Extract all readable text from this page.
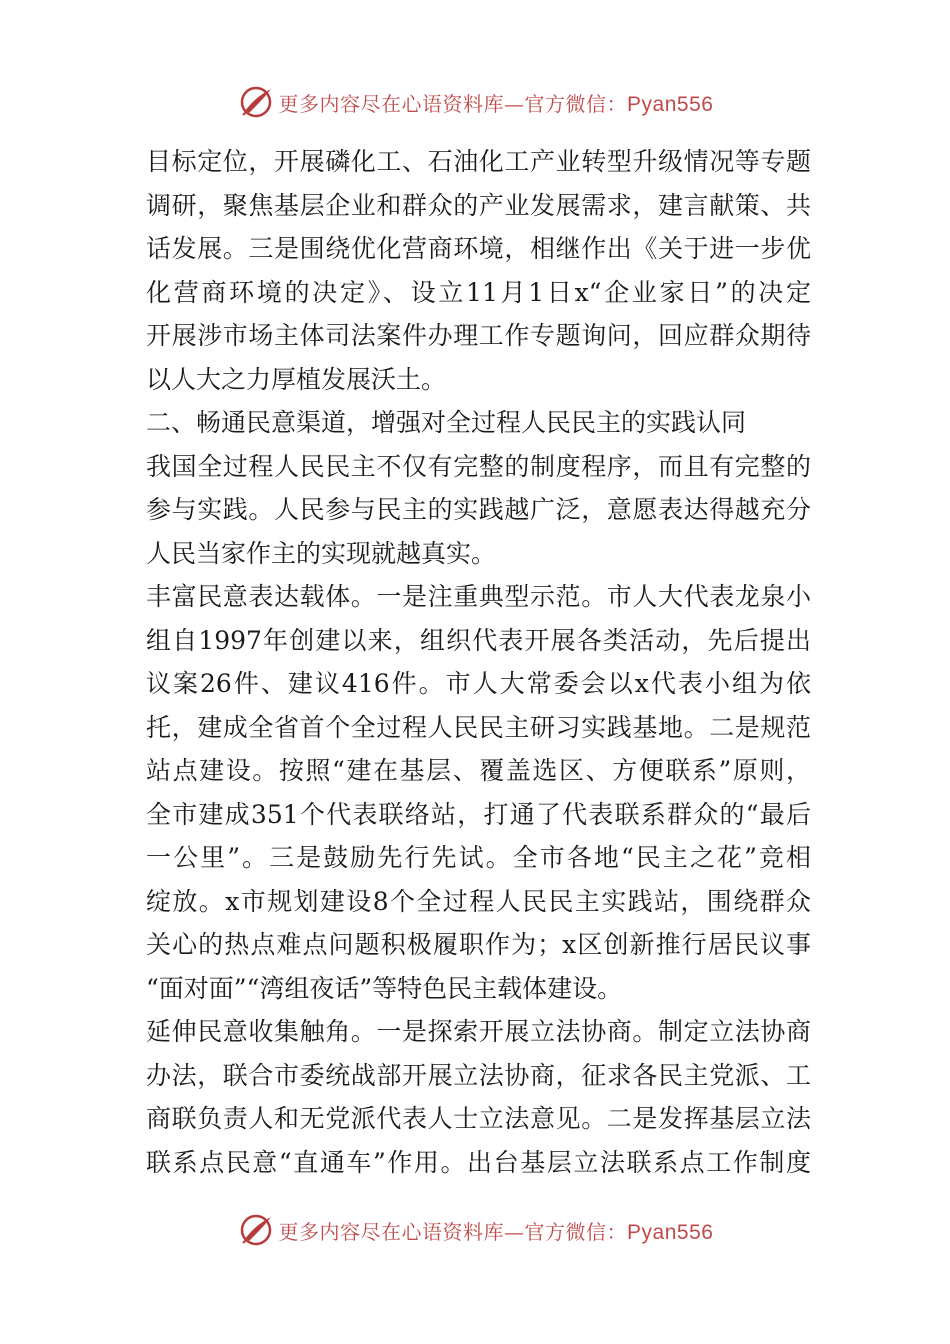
更多内容尽在心语资料库—官方微信：Pyan556
目标定位，开展磷化工、石油化工产业转型升级情况等专题
调研，聚焦基层企业和群众的产业发展需求，建言献策、共
话发展。三是围绕优化营商环境，相继作出《关于进一步优
化营商环境的决定》、设立11月1日x“企业家日”的决定
开展涉市场主体司法案件办理工作专题询问，回应群众期待
以人大之力厚植发展沃土。
二、畅通民意渠道，增强对全过程人民民主的实践认同
我国全过程人民民主不仅有完整的制度程序，而且有完整的
参与实践。人民参与民主的实践越广泛，意愿表达得越充分
人民当家作主的实现就越真实。
丰富民意表达载体。一是注重典型示范。市人大代表龙泉小
组自1997年创建以来，组织代表开展各类活动，先后提出
议案26件、建议416件。市人大常委会以x代表小组为依
托，建成全省首个全过程人民民主研习实践基地。二是规范
站点建设。按照“建在基层、覆盖选区、方便联系”原则，
全市建成351个代表联络站，打通了代表联系群众的“最后
一公里”。三是鼓励先行先试。全市各地“民主之花”竞相
绽放。x市规划建设8个全过程人民民主实践站，围绕群众
关心的热点难点问题积极履职作为；x区创新推行居民议事
“面对面”“湾组夜话”等特色民主载体建设。
延伸民意收集触角。一是探索开展立法协商。制定立法协商
办法，联合市委统战部开展立法协商，征求各民主党派、工
商联负责人和无党派代表人士立法意见。二是发挥基层立法
联系点民意“直通车”作用。出台基层立法联系点工作制度
更多内容尽在心语资料库—官方微信：Pyan556
